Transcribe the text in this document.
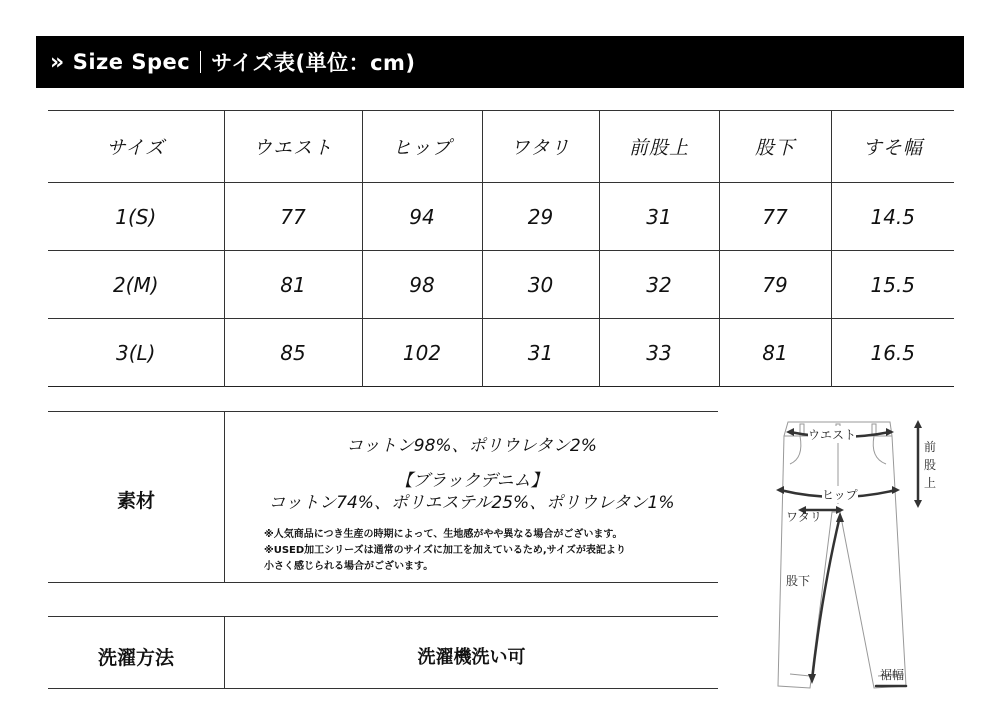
» Size Spec サイズ表(単位：cm)
サイズ	ウエスト	ヒップ	ワタリ	前股上	股下	すそ幅
1(S)	77	94	29	31	77	14.5
2(M)	81	98	30	32	79	15.5
3(L)	85	102	31	33	81	16.5
素材
コットン98%、ポリウレタン2%
【ブラックデニム】
コットン74%、ポリエステル25%、ポリウレタン1%
※人気商品につき生産の時期によって、生地感がやや異なる場合がございます。
※USED加工シリーズは通常のサイズに加工を加えているため,サイズが表記より
小さく感じられる場合がございます。
洗濯方法	洗濯機洗い可
ウエスト
ヒップ
ワタリ
股下
裾幅
前
股
上
